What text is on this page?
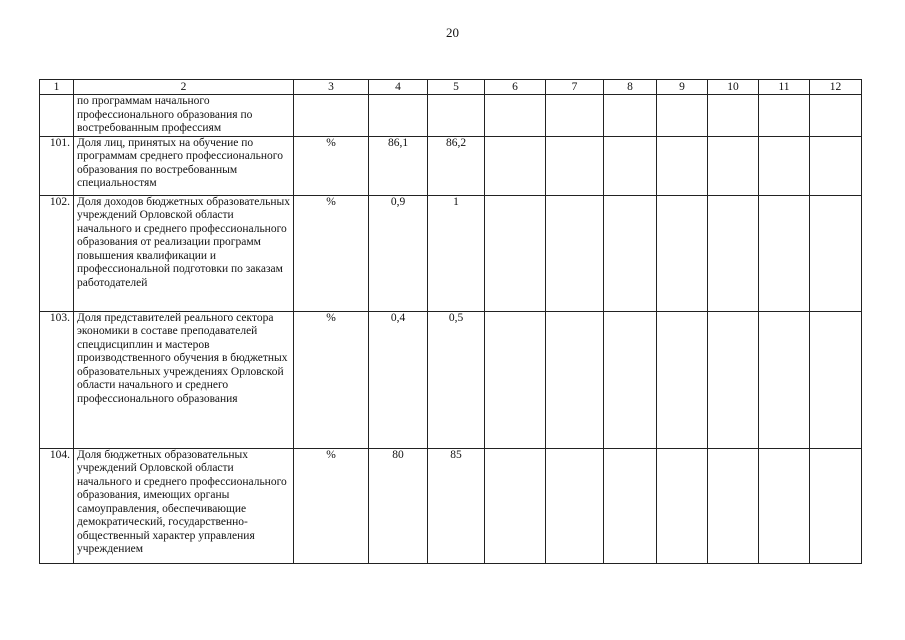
20
1	2	3	4	5	6	7	8	9	10	11	12
	по программам начального профессионального образования по востребованным профессиям										
101.	Доля лиц, принятых на обучение по программам среднего профессионального образования по востребованным специальностям	%	86,1	86,2							
102.	Доля доходов бюджетных образовательных учреждений Орловской области начального и среднего профессионального образования от реализации программ повышения квалификации и профессиональной подготовки по заказам работодателей	%	0,9	1							
103.	Доля представителей реального сектора экономики в составе преподавателей спецдисциплин и мастеров производственного обучения в бюджетных образовательных учреждениях Орловской области начального и среднего профессионального образования	%	0,4	0,5							
104.	Доля бюджетных образовательных учреждений Орловской области начального и среднего профессионального образования, имеющих органы самоуправления, обеспечивающие демократический, государственно-общественный характер управления учреждением	%	80	85							
